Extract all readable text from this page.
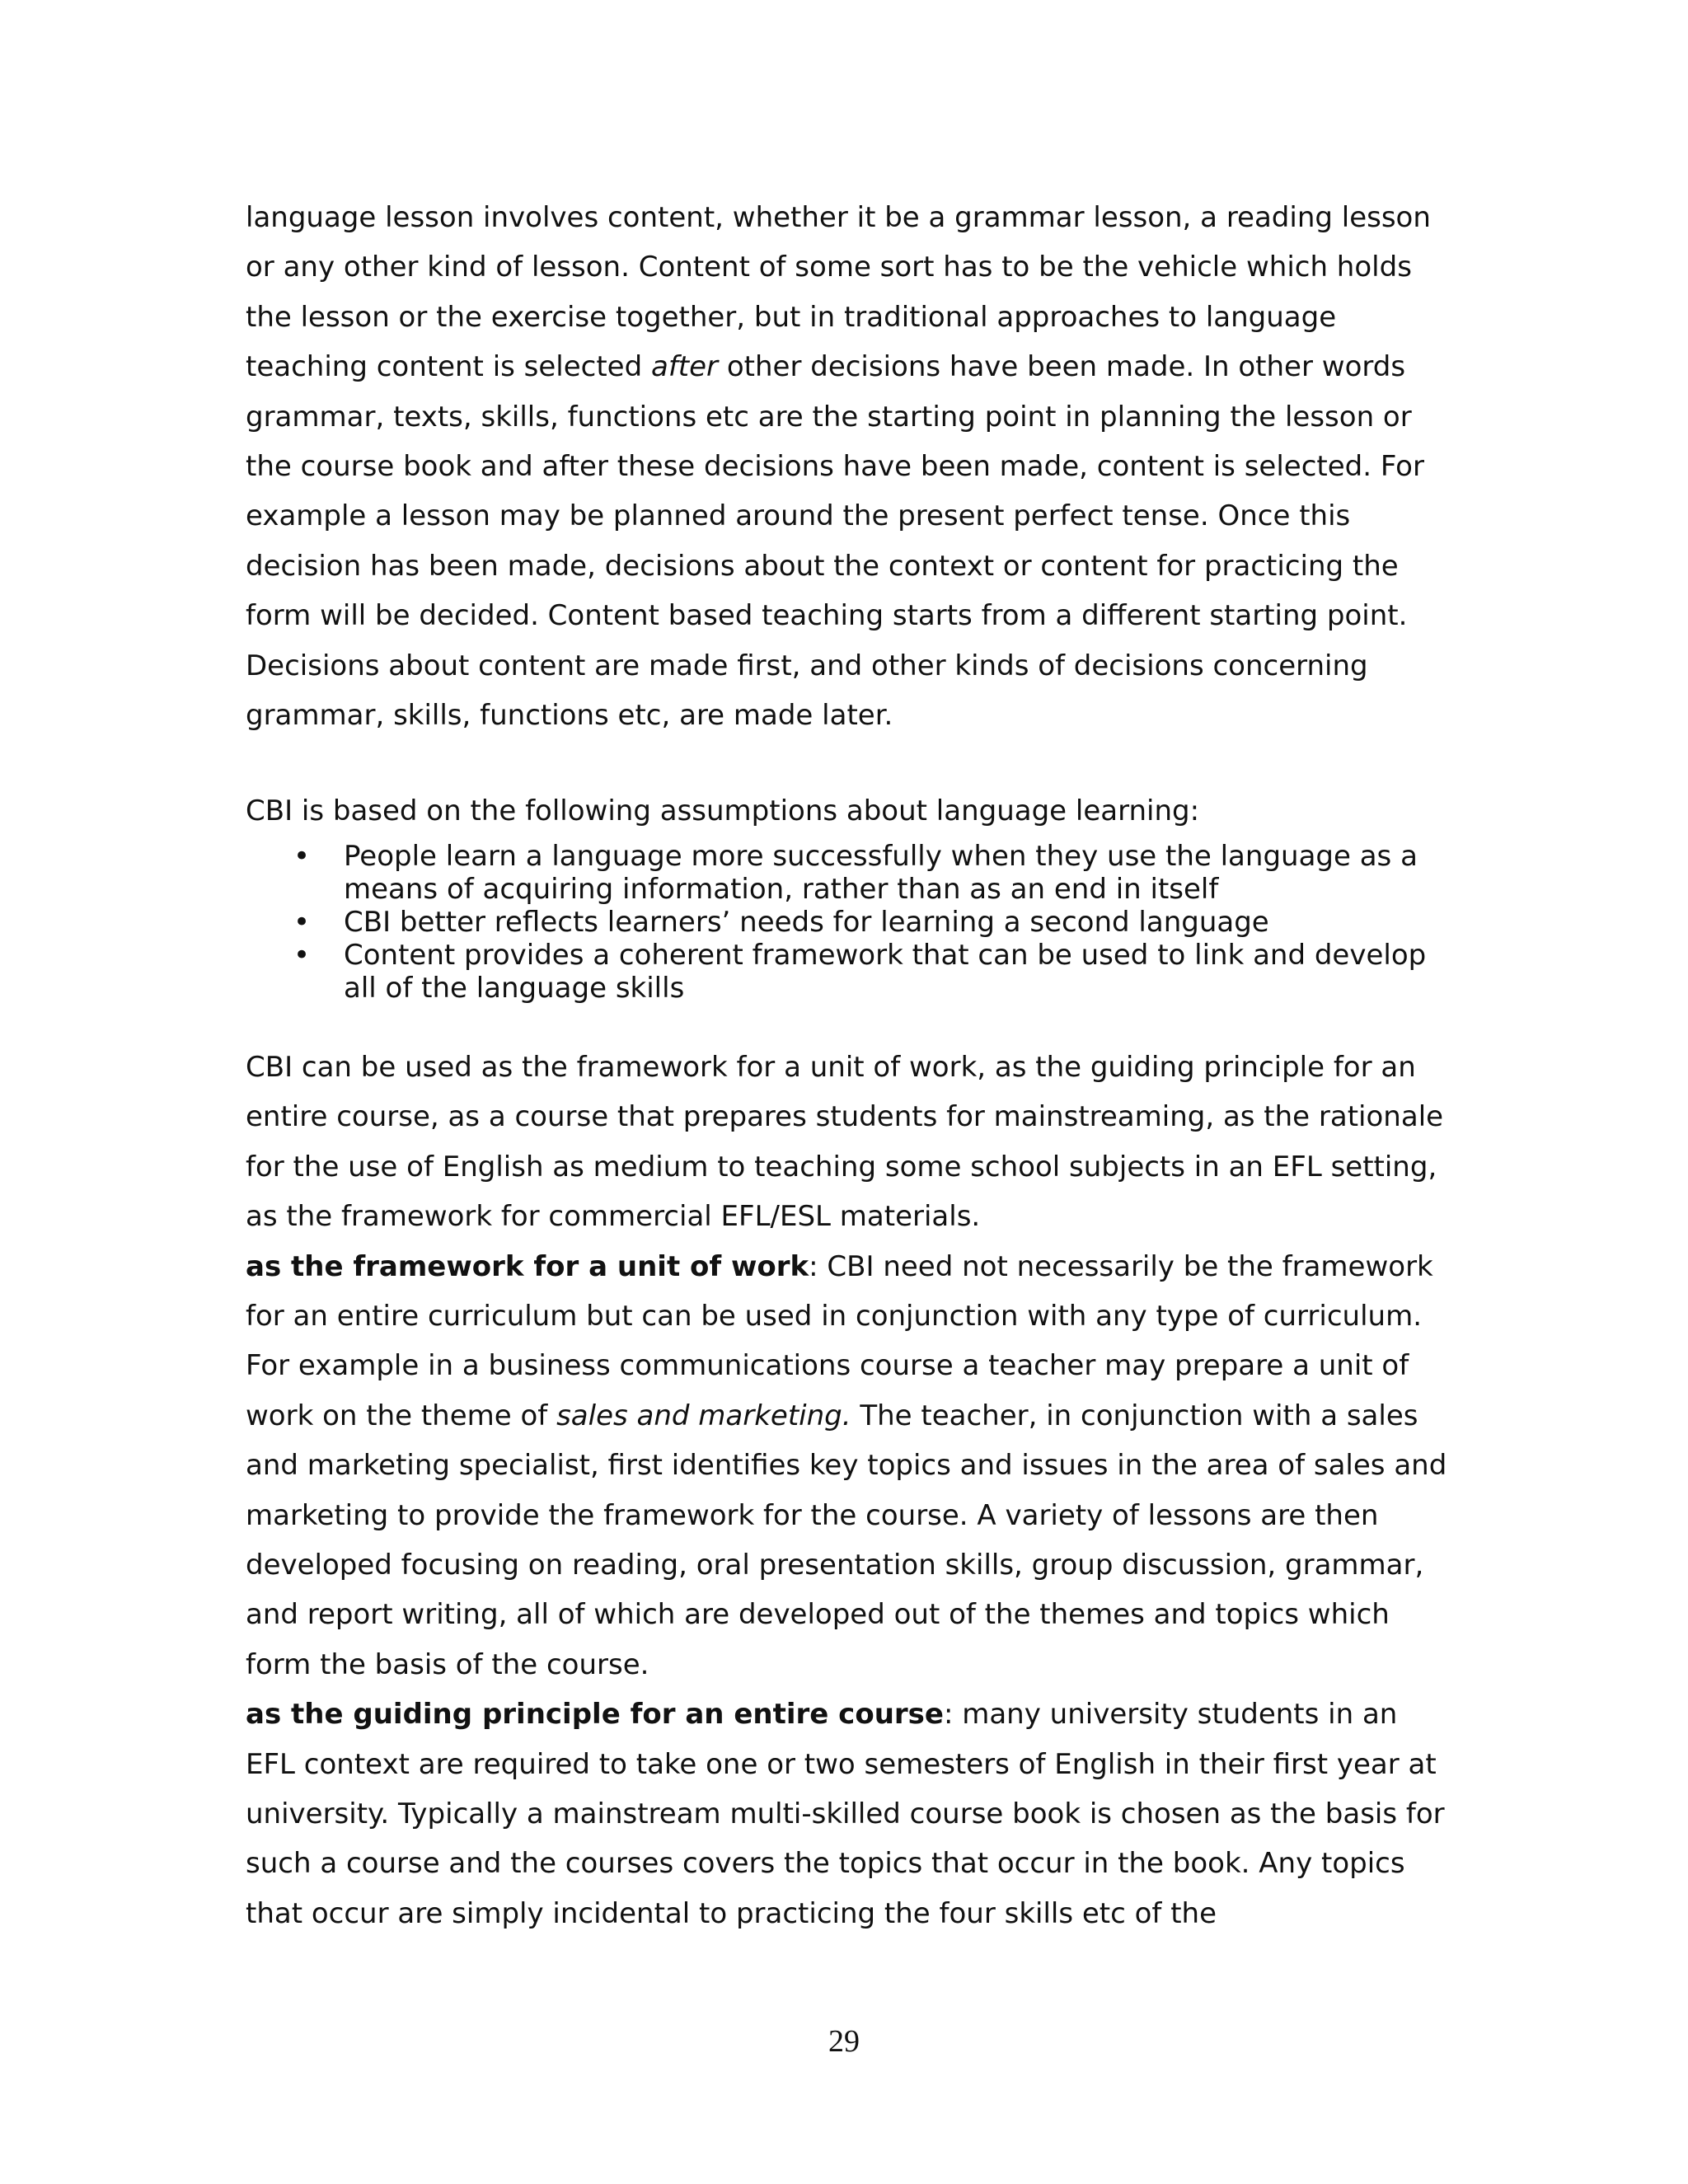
language lesson involves content, whether it be a grammar lesson, a reading lesson or any other kind of lesson. Content of some sort has to be the vehicle which holds the lesson or the exercise together, but in traditional approaches to language teaching content is selected after other decisions have been made. In other words grammar, texts, skills, functions etc are the starting point in planning the lesson or the course book and after these decisions have been made, content is selected. For example a lesson may be planned around the present perfect tense. Once this decision has been made, decisions about the context or content for practicing the form will be decided. Content based teaching starts from a different starting point. Decisions about content are made first, and other kinds of decisions concerning grammar, skills, functions etc, are made later.

CBI is based on the following assumptions about language learning:

• People learn a language more successfully when they use the language as a means of acquiring information, rather than as an end in itself
• CBI better reflects learners’ needs for learning a second language
• Content provides a coherent framework that can be used to link and develop all of the language skills

CBI can be used as the framework for a unit of work, as the guiding principle for an entire course, as a course that prepares students for mainstreaming, as the rationale for the use of English as medium to teaching some school subjects in an EFL setting, as the framework for commercial EFL/ESL materials.

as the framework for a unit of work: CBI need not necessarily be the framework for an entire curriculum but can be used in conjunction with any type of curriculum. For example in a business communications course a teacher may prepare a unit of work on the theme of sales and marketing. The teacher, in conjunction with a sales and marketing specialist, first identifies key topics and issues in the area of sales and marketing to provide the framework for the course. A variety of lessons are then developed focusing on reading, oral presentation skills, group discussion, grammar, and report writing, all of which are developed out of the themes and topics which form the basis of the course.

as the guiding principle for an entire course: many university students in an EFL context are required to take one or two semesters of English in their first year at university. Typically a mainstream multi-skilled course book is chosen as the basis for such a course and the courses covers the topics that occur in the book. Any topics that occur are simply incidental to practicing the four skills etc of the

29
